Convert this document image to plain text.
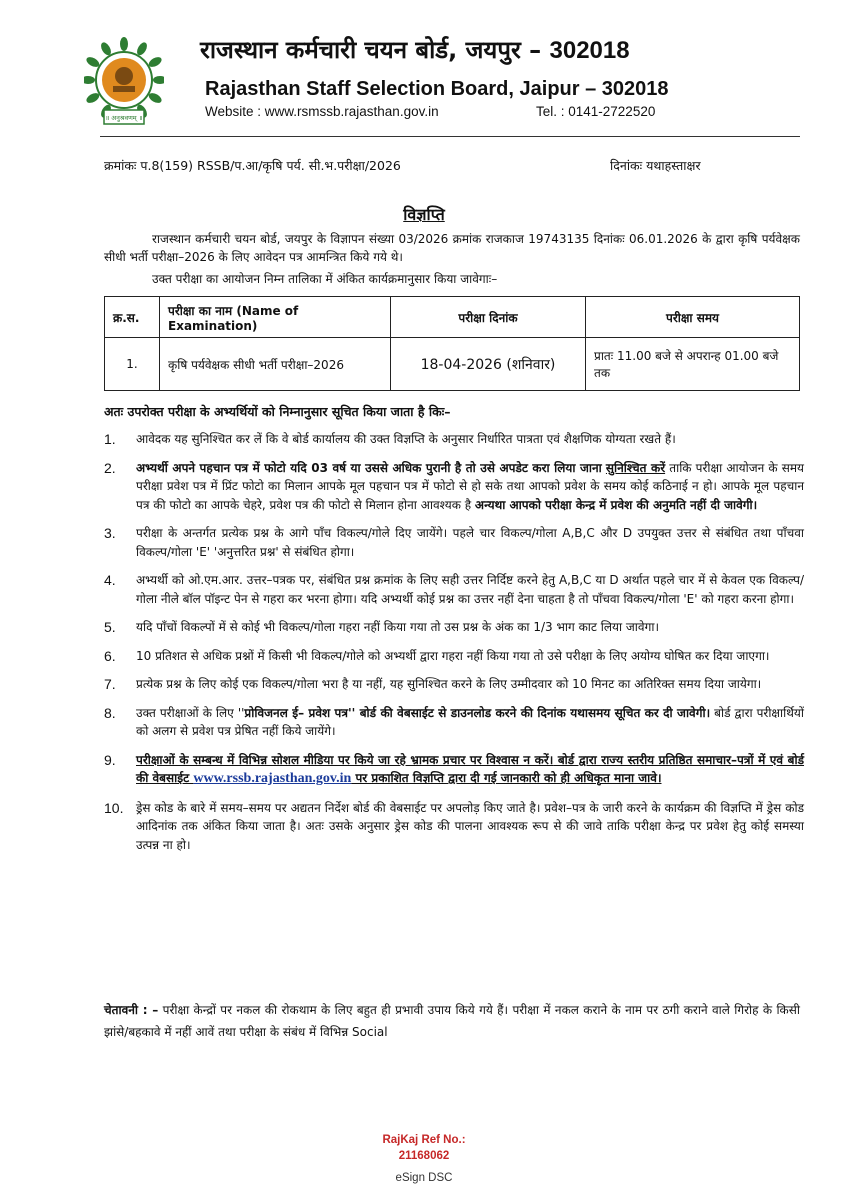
॥ अनुश्रवणम् ॥
राजस्थान कर्मचारी चयन बोर्ड, जयपुर – 302018
Rajasthan Staff Selection Board, Jaipur – 302018
Website : www.rsmssb.rajasthan.gov.in	Tel. : 0141-2722520
क्रमांकः प.8(159) RSSB/प.आ/कृषि पर्य. सी.भ.परीक्षा/2026	दिनांकः यथाहस्ताक्षर
विज्ञप्ति
राजस्थान कर्मचारी चयन बोर्ड, जयपुर के विज्ञापन संख्या 03/2026 क्रमांक राजकाज 19743135 दिनांकः 06.01.2026 के द्वारा कृषि पर्यवेक्षक सीधी भर्ती परीक्षा–2026 के लिए आवेदन पत्र आमन्त्रित किये गये थे।
उक्त परीक्षा का आयोजन निम्न तालिका में अंकित कार्यक्रमानुसार किया जावेगाः–
क्र.स.	परीक्षा का नाम (Name of Examination)	परीक्षा दिनांक	परीक्षा समय
1.	कृषि पर्यवेक्षक सीधी भर्ती परीक्षा–2026	18-04-2026 (शनिवार)	प्रातः 11.00 बजे से अपरान्ह 01.00 बजे तक
अतः उपरोक्त परीक्षा के अभ्यर्थियों को निम्नानुसार सूचित किया जाता है किः–
1. आवेदक यह सुनिश्चित कर लें कि वे बोर्ड कार्यालय की उक्त विज्ञप्ति के अनुसार निर्धारित पात्रता एवं शैक्षणिक योग्यता रखते हैं।
2. अभ्यर्थी अपने पहचान पत्र में फोटो यदि 03 वर्ष या उससे अधिक पुरानी है तो उसे अपडेट करा लिया जाना सुनिश्चित करें ताकि परीक्षा आयोजन के समय परीक्षा प्रवेश पत्र में प्रिंट फोटो का मिलान आपके मूल पहचान पत्र में फोटो से हो सके तथा आपको प्रवेश के समय कोई कठिनाई न हो। आपके मूल पहचान पत्र की फोटो का आपके चेहरे, प्रवेश पत्र की फोटो से मिलान होना आवश्यक है अन्यथा आपको परीक्षा केन्द्र में प्रवेश की अनुमति नहीं दी जावेगी।
3. परीक्षा के अन्तर्गत प्रत्येक प्रश्न के आगे पाँच विकल्प/गोले दिए जायेंगे। पहले चार विकल्प/गोला A,B,C और D उपयुक्त उत्तर से संबंधित तथा पाँचवा विकल्प/गोला 'E' 'अनुत्तरित प्रश्न' से संबंधित होगा।
4. अभ्यर्थी को ओ.एम.आर. उत्तर–पत्रक पर, संबंधित प्रश्न क्रमांक के लिए सही उत्तर निर्दिष्ट करने हेतु A,B,C या D अर्थात पहले चार में से केवल एक विकल्प/गोला नीले बॉल पॉइन्ट पेन से गहरा कर भरना होगा। यदि अभ्यर्थी कोई प्रश्न का उत्तर नहीं देना चाहता है तो पाँचवा विकल्प/गोला 'E' को गहरा करना होगा।
5. यदि पाँचों विकल्पों में से कोई भी विकल्प/गोला गहरा नहीं किया गया तो उस प्रश्न के अंक का 1/3 भाग काट लिया जावेगा।
6. 10 प्रतिशत से अधिक प्रश्नों में किसी भी विकल्प/गोले को अभ्यर्थी द्वारा गहरा नहीं किया गया तो उसे परीक्षा के लिए अयोग्य घोषित कर दिया जाएगा।
7. प्रत्येक प्रश्न के लिए कोई एक विकल्प/गोला भरा है या नहीं, यह सुनिश्चित करने के लिए उम्मीदवार को 10 मिनट का अतिरिक्त समय दिया जायेगा।
8. उक्त परीक्षाओं के लिए ''प्रोविजनल ई– प्रवेश पत्र'' बोर्ड की वेबसाईट से डाउनलोड करने की दिनांक यथासमय सूचित कर दी जावेगी। बोर्ड द्वारा परीक्षार्थियों को अलग से प्रवेश पत्र प्रेषित नहीं किये जायेंगे।
9. परीक्षाओं के सम्बन्ध में विभिन्न सोशल मीडिया पर किये जा रहे भ्रामक प्रचार पर विश्वास न करें। बोर्ड द्वारा राज्य स्तरीय प्रतिष्ठित समाचार–पत्रों में एवं बोर्ड की वेबसाईट www.rssb.rajasthan.gov.in पर प्रकाशित विज्ञप्ति द्वारा दी गई जानकारी को ही अधिकृत माना जावे।
10. ड्रेस कोड के बारे में समय–समय पर अद्यतन निर्देश बोर्ड की वेबसाईट पर अपलोड़ किए जाते है। प्रवेश–पत्र के जारी करने के कार्यक्रम की विज्ञप्ति में ड्रेस कोड आदिनांक तक अंकित किया जाता है। अतः उसके अनुसार ड्रेस कोड की पालना आवश्यक रूप से की जावे ताकि परीक्षा केन्द्र पर प्रवेश हेतु कोई समस्या उत्पन्न ना हो।
चेतावनी : – परीक्षा केन्द्रों पर नकल की रोकथाम के लिए बहुत ही प्रभावी उपाय किये गये हैं। परीक्षा में नकल कराने के नाम पर ठगी कराने वाले गिरोह के किसी झांसे/बहकावे में नहीं आवें तथा परीक्षा के संबंध में विभिन्न Social
RajKaj Ref No.:
21168062
eSign DSC
